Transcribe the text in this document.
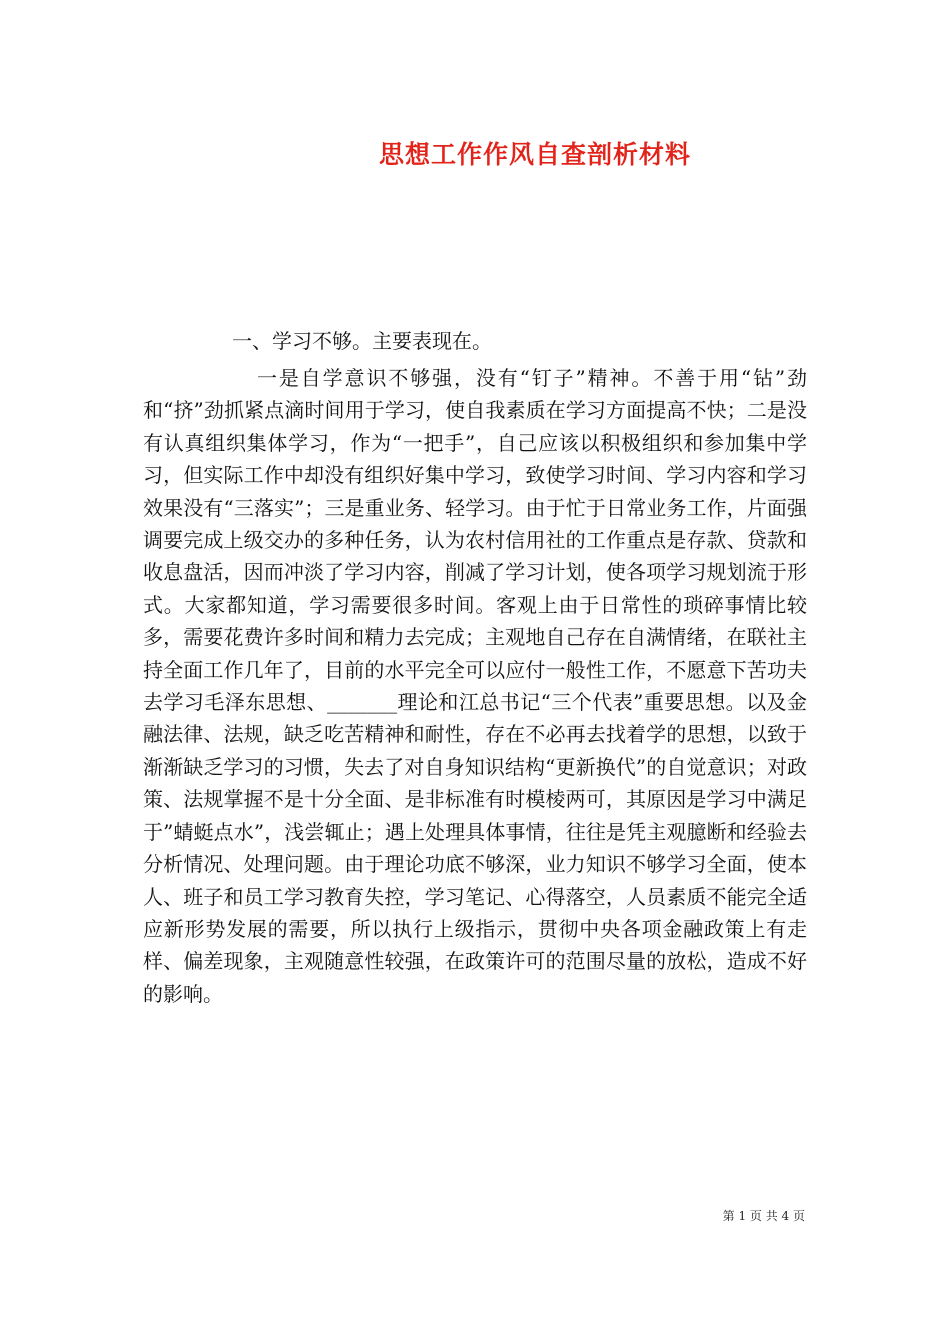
思想工作作风自查剖析材料
一、学习不够。主要表现在。
一是自学意识不够强，没有“钉子”精神。不善于用“钻”劲和“挤”劲抓紧点滴时间用于学习，使自我素质在学习方面提高不快；二是没有认真组织集体学习，作为“一把手”，自己应该以积极组织和参加集中学习，但实际工作中却没有组织好集中学习，致使学习时间、学习内容和学习效果没有“三落实”；三是重业务、轻学习。由于忙于日常业务工作，片面强调要完成上级交办的多种任务，认为农村信用社的工作重点是存款、贷款和收息盘活，因而冲淡了学习内容，削减了学习计划，使各项学习规划流于形式。大家都知道，学习需要很多时间。客观上由于日常性的琐碎事情比较多，需要花费许多时间和精力去完成；主观地自己存在自满情绪，在联社主持全面工作几年了，目前的水平完全可以应付一般性工作，不愿意下苦功夫去学习毛泽东思想、_______理论和江总书记“三个代表”重要思想。以及金融法律、法规，缺乏吃苦精神和耐性，存在不必再去找着学的思想，以致于渐渐缺乏学习的习惯，失去了对自身知识结构“更新换代”的自觉意识；对政策、法规掌握不是十分全面、是非标准有时模棱两可，其原因是学习中满足于”蜻蜓点水”，浅尝辄止；遇上处理具体事情，往往是凭主观臆断和经验去分析情况、处理问题。由于理论功底不够深，业力知识不够学习全面，使本人、班子和员工学习教育失控，学习笔记、心得落空，人员素质不能完全适应新形势发展的需要，所以执行上级指示，贯彻中央各项金融政策上有走样、偏差现象，主观随意性较强，在政策许可的范围尽量的放松，造成不好的影响。
第 1 页 共 4 页
